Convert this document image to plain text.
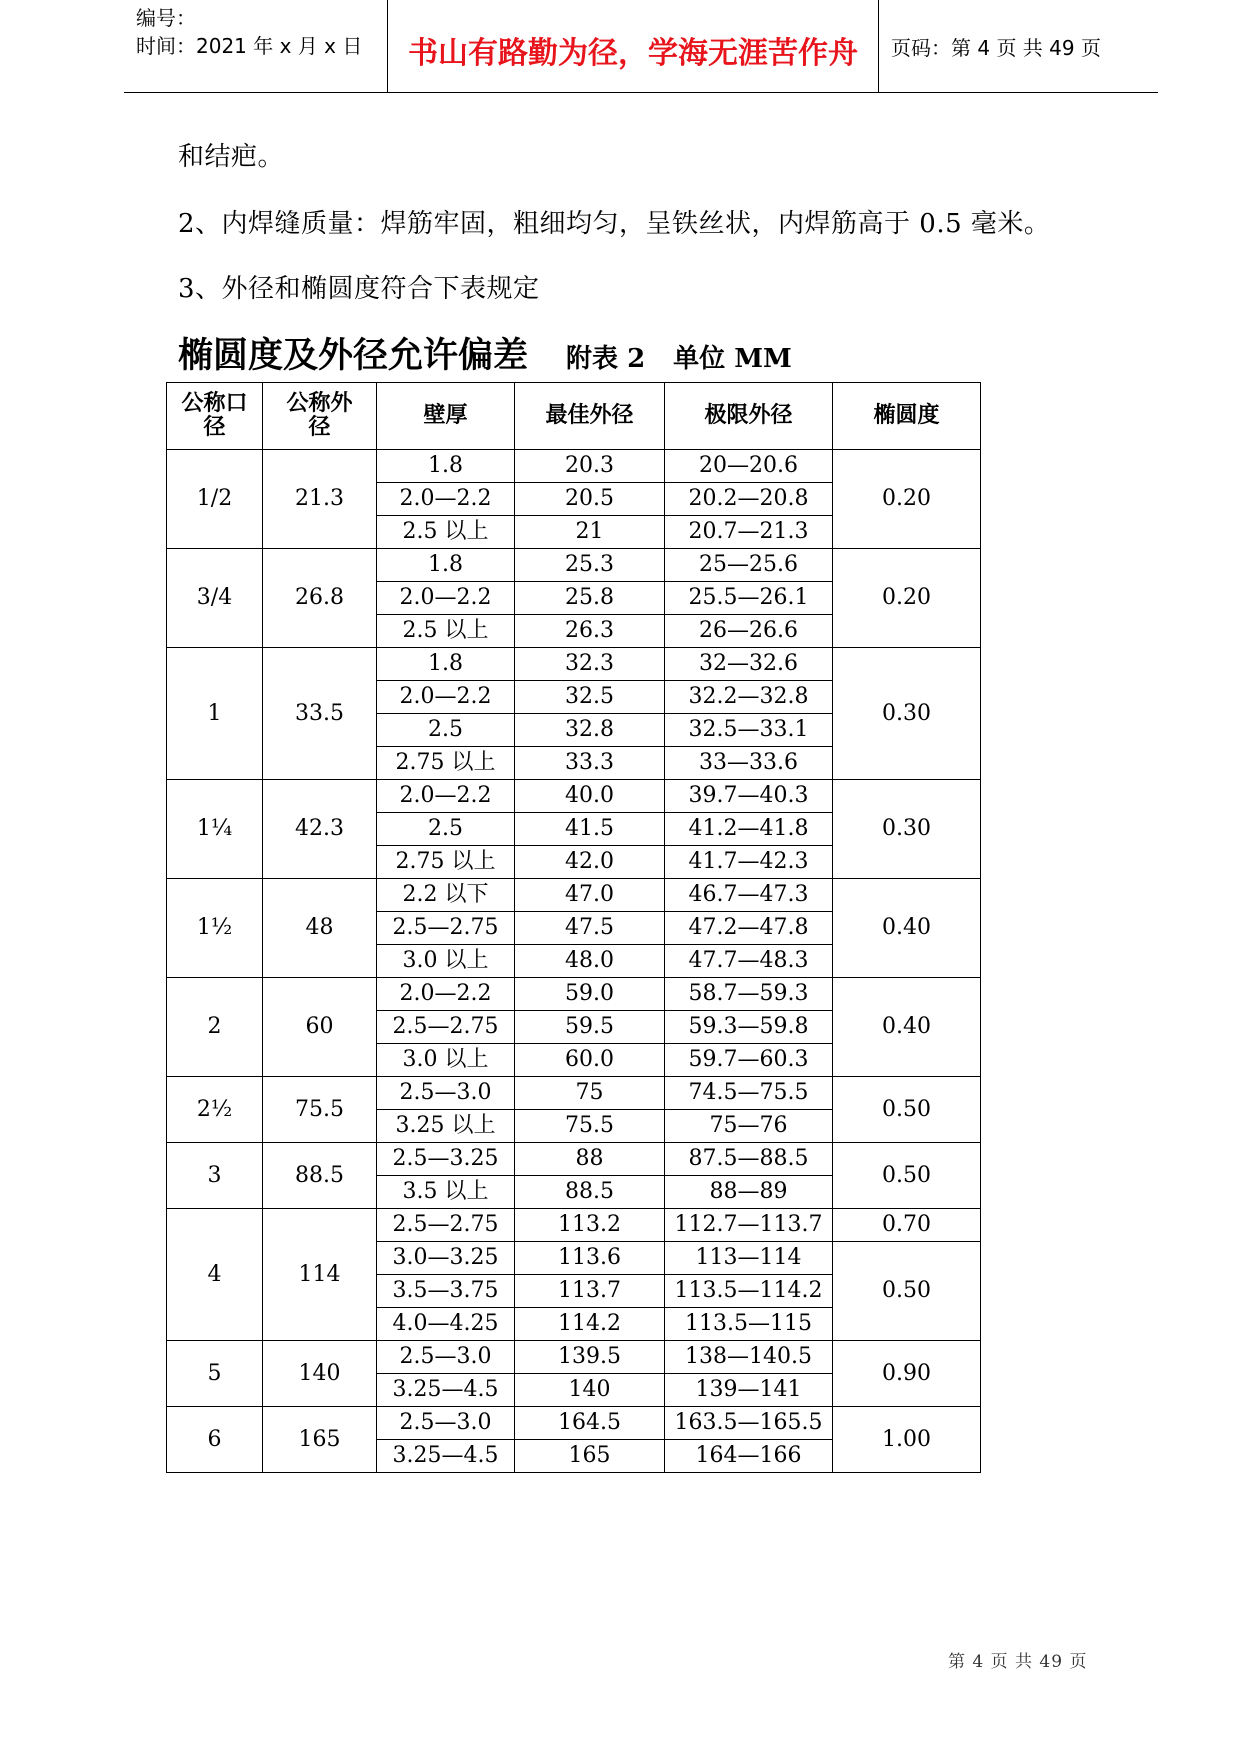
编号：
时间：2021 年 x 月 x 日	书山有路勤为径，学海无涯苦作舟	页码：第 4 页 共 49 页
和结疤。
2、内焊缝质量：焊筋牢固，粗细均匀，呈铁丝状，内焊筋高于 0.5 毫米。
3、外径和椭圆度符合下表规定
椭圆度及外径允许偏差 附表 2 单位 MM
公称口径	公称外径	壁厚	最佳外径	极限外径	椭圆度
1/2	21.3	1.8	20.3	20—20.6	0.20
		2.0—2.2	20.5	20.2—20.8	
		2.5 以上	21	20.7—21.3	
3/4	26.8	1.8	25.3	25—25.6	0.20
		2.0—2.2	25.8	25.5—26.1	
		2.5 以上	26.3	26—26.6	
1	33.5	1.8	32.3	32—32.6	0.30
		2.0—2.2	32.5	32.2—32.8	
		2.5	32.8	32.5—33.1	
		2.75 以上	33.3	33—33.6	
1¼	42.3	2.0—2.2	40.0	39.7—40.3	0.30
		2.5	41.5	41.2—41.8	
		2.75 以上	42.0	41.7—42.3	
1½	48	2.2 以下	47.0	46.7—47.3	0.40
		2.5—2.75	47.5	47.2—47.8	
		3.0 以上	48.0	47.7—48.3	
2	60	2.0—2.2	59.0	58.7—59.3	0.40
		2.5—2.75	59.5	59.3—59.8	
		3.0 以上	60.0	59.7—60.3	
2½	75.5	2.5—3.0	75	74.5—75.5	0.50
		3.25 以上	75.5	75—76	
3	88.5	2.5—3.25	88	87.5—88.5	0.50
		3.5 以上	88.5	88—89	
4	114	2.5—2.75	113.2	112.7—113.7	0.70
		3.0—3.25	113.6	113—114	0.50
		3.5—3.75	113.7	113.5—114.2	
		4.0—4.25	114.2	113.5—115	
5	140	2.5—3.0	139.5	138—140.5	0.90
		3.25—4.5	140	139—141	
6	165	2.5—3.0	164.5	163.5—165.5	1.00
		3.25—4.5	165	164—166	
第 4 页 共 49 页
